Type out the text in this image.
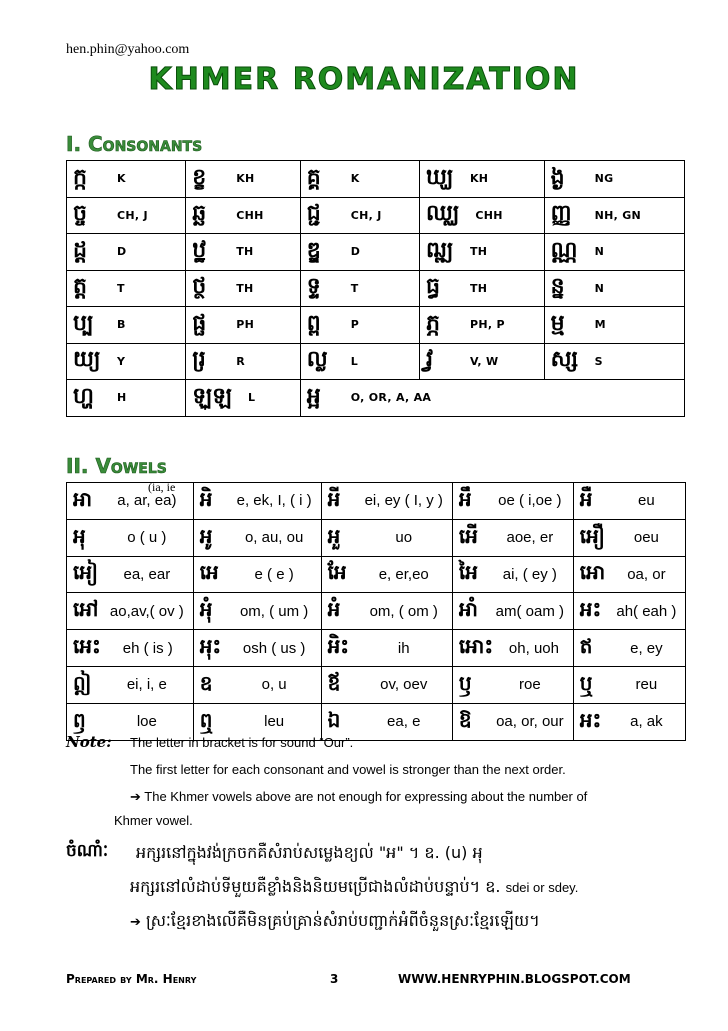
hen.phin@yahoo.com
KHMER ROMANIZATION
I. Consonants
ក្ក K	ខ្ខ KH	គ្គ K	ឃ្ឃ KH	ង្ង NG

ច្ច CH, J	ឆ្ឆ CHH	ជ្ជ CH, J	ឈ្ឈ CHH	ញ្ញ NH, GN

ដ្ដ D	ឋ្ឋ TH	ឌ្ឌ D	ឍ្ឍ TH	ណ្ណ N

ត្ត T	ថ្ថ TH	ទ្ទ T	ធ្ធ TH	ន្ន N

ប្ប B	ផ្ផ PH	ព្ព P	ភ្ភ PH, P	ម្ម M

យ្យ Y	រ្រ R	ល្ល L	វ្វ V, W	ស្ស S

ហ្ហ H	ឡ្ឡ L	អ្អ O, OR, A, AA		
II. Vowels
(ia, ie
អា a, ar, ea)	អិ e, ek, I, ( i )	អី ei, ey ( I, y )	អឹ oe ( i,oe )	អឺ eu

អុ o ( u )	អូ o, au, ou	អួ uo	អើ aoe, er	អឿ oeu

អៀ ea, ear	អេ e ( e )	អែ e, er,eo	អៃ ai, ( ey )	អោ oa, or

អៅ ao,av,( ov )	អុំ om, ( um )	អំ om, ( om )	អាំ am( oam )	អះ ah( eah )

អេះ eh ( is )	អុះ osh ( us )	អិះ ih	អោះ oh, uoh	ឥ e, ey

ឦ ei, i, e	ឧ o, u	ឪ ov, oev	ឫ roe	ឬ reu

ឭ loe	ឮ leu	ឯ ea, e	ឱ oa, or, our	អះ a, ak
Note: The letter in bracket is for sound “Our”.
The first letter for each consonant and vowel is stronger than the next order.
➔ The Khmer vowels above are not enough for expressing about the number of
Khmer vowel.
ចំណាំៈ អក្សរនៅក្នុងវង់ក្រចកគឺសំរាប់សម្លេងខ្យល់ "អ" ។ ឧ. (u) អុ
អក្សរនៅលំដាប់ទីមួយគឺខ្លាំងនិងនិយមប្រើជាងលំដាប់បន្ទាប់។ ឧ. sdei or sdey.
➔ ស្រៈខ្មែរខាងលើគឺមិនគ្រប់គ្រាន់សំរាប់បញ្ជាក់អំពីចំនួនស្រៈខ្មែរឡើយ។
Prepared by Mr. Henry	3	WWW.HENRYPHIN.BLOGSPOT.COM
